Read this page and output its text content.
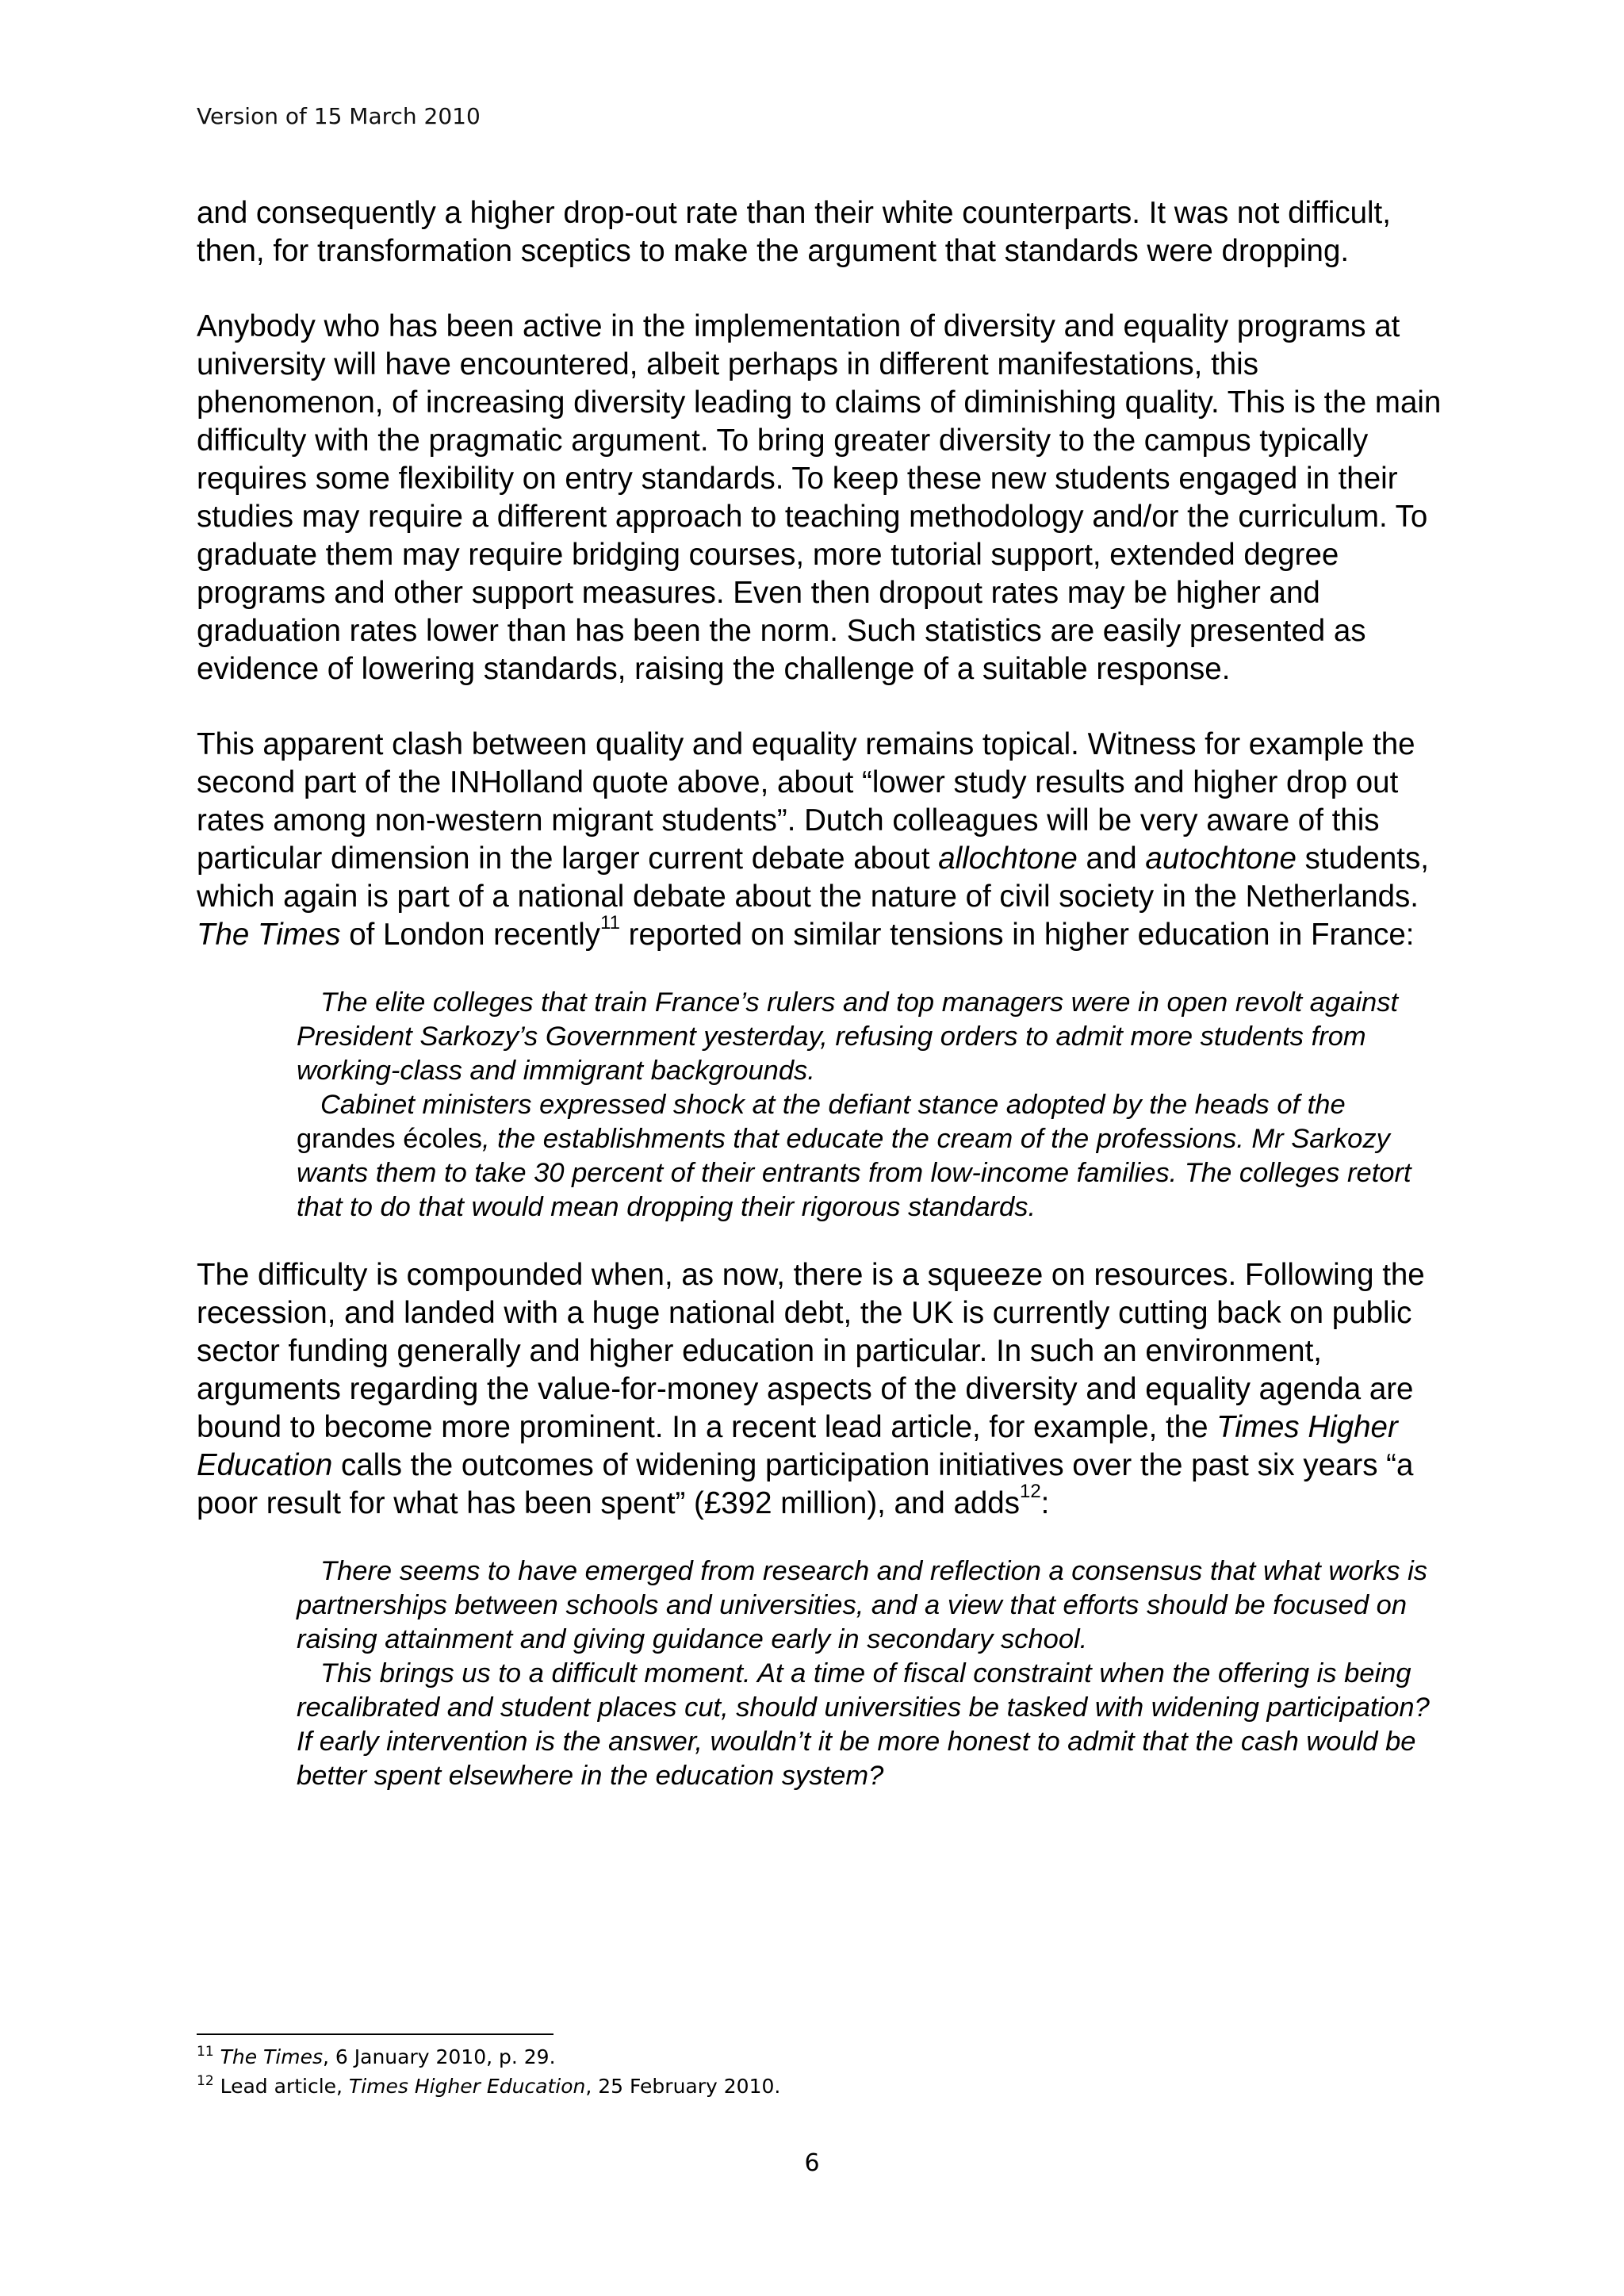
Version of 15 March 2010

and consequently a higher drop-out rate than their white counterparts. It was not difficult, then, for transformation sceptics to make the argument that standards were dropping.

Anybody who has been active in the implementation of diversity and equality programs at university will have encountered, albeit perhaps in different manifestations, this phenomenon, of increasing diversity leading to claims of diminishing quality. This is the main difficulty with the pragmatic argument. To bring greater diversity to the campus typically requires some flexibility on entry standards. To keep these new students engaged in their studies may require a different approach to teaching methodology and/or the curriculum. To graduate them may require bridging courses, more tutorial support, extended degree programs and other support measures. Even then dropout rates may be higher and graduation rates lower than has been the norm. Such statistics are easily presented as evidence of lowering standards, raising the challenge of a suitable response.

This apparent clash between quality and equality remains topical. Witness for example the second part of the INHolland quote above, about “lower study results and higher drop out rates among non-western migrant students”. Dutch colleagues will be very aware of this particular dimension in the larger current debate about allochtone and autochtone students, which again is part of a national debate about the nature of civil society in the Netherlands. The Times of London recently$^{11}$ reported on similar tensions in higher education in France:

The elite colleges that train France’s rulers and top managers were in open revolt against President Sarkozy’s Government yesterday, refusing orders to admit more students from working-class and immigrant backgrounds.

Cabinet ministers expressed shock at the defiant stance adopted by the heads of the grandes écoles, the establishments that educate the cream of the professions. Mr Sarkozy wants them to take 30 percent of their entrants from low-income families. The colleges retort that to do that would mean dropping their rigorous standards.

The difficulty is compounded when, as now, there is a squeeze on resources. Following the recession, and landed with a huge national debt, the UK is currently cutting back on public sector funding generally and higher education in particular. In such an environment, arguments regarding the value-for-money aspects of the diversity and equality agenda are bound to become more prominent. In a recent lead article, for example, the Times Higher Education calls the outcomes of widening participation initiatives over the past six years “a poor result for what has been spent” (£392 million), and adds$^{12}$:

There seems to have emerged from research and reflection a consensus that what works is partnerships between schools and universities, and a view that efforts should be focused on raising attainment and giving guidance early in secondary school.

This brings us to a difficult moment. At a time of fiscal constraint when the offering is being recalibrated and student places cut, should universities be tasked with widening participation? If early intervention is the answer, wouldn’t it be more honest to admit that the cash would be better spent elsewhere in the education system?

$^{11}$ The Times, 6 January 2010, p. 29.
$^{12}$ Lead article, Times Higher Education, 25 February 2010.
6
